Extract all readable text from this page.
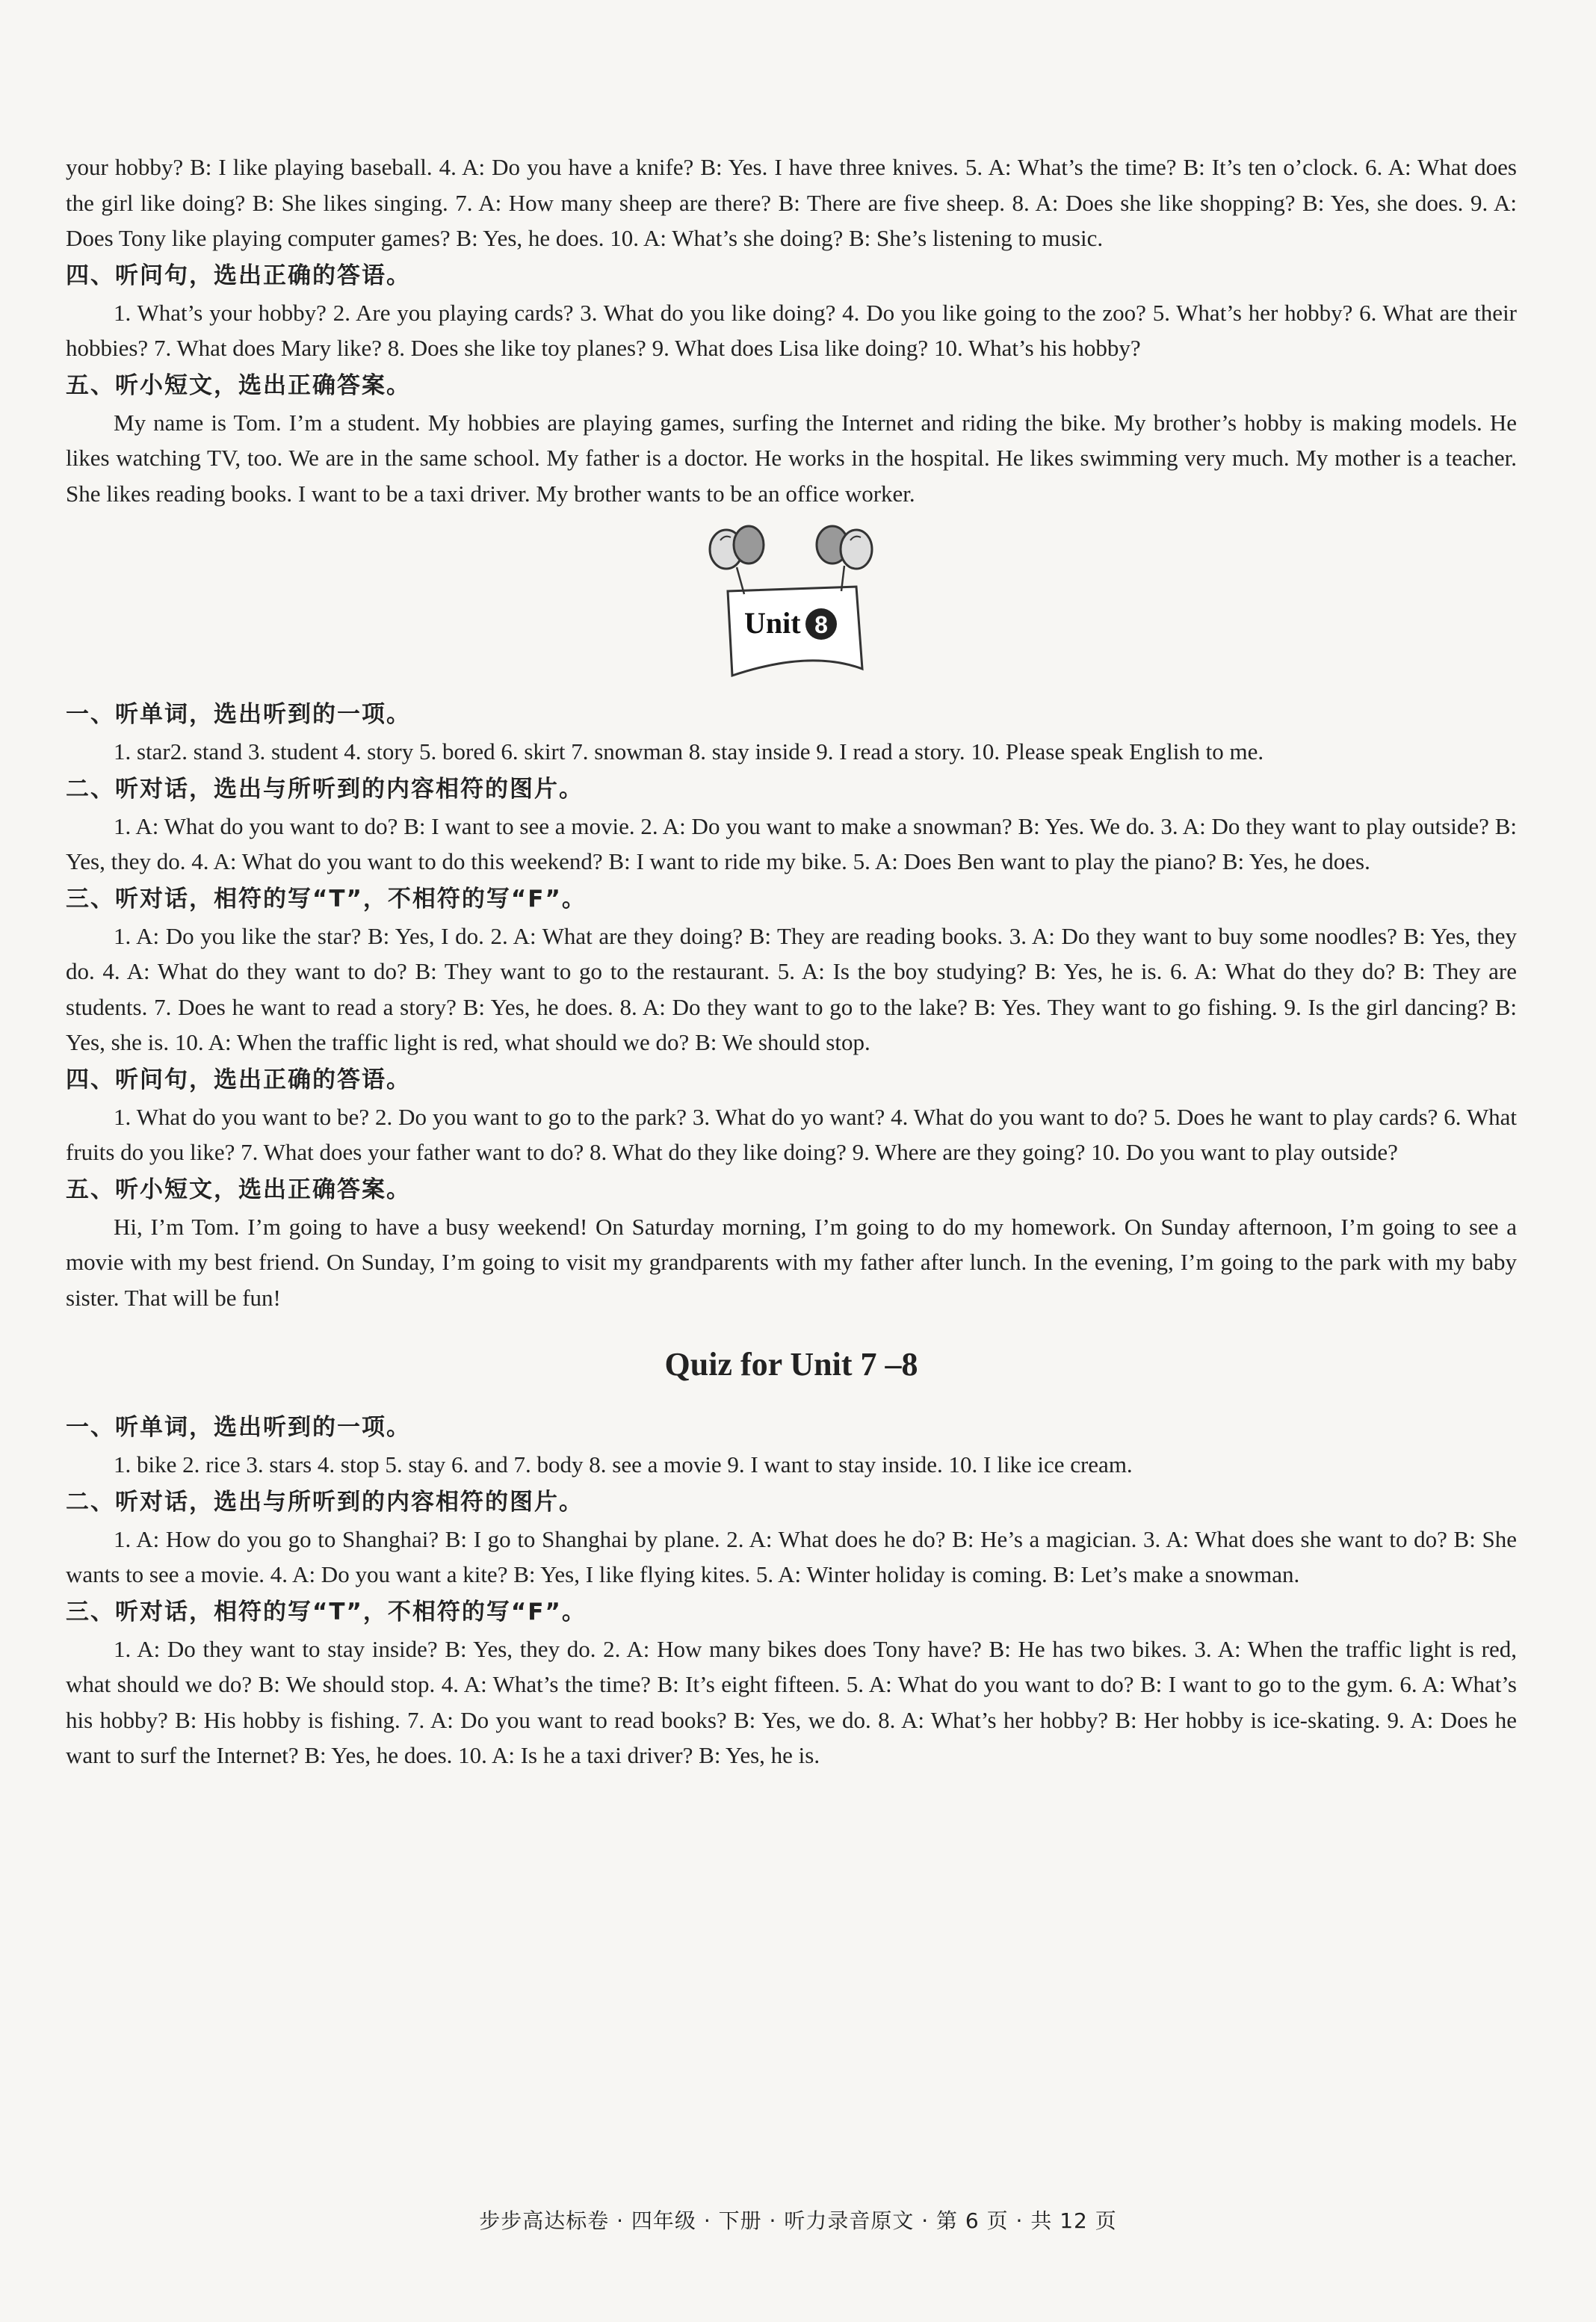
your hobby? B: I like playing baseball. 4. A: Do you have a knife? B: Yes. I have three knives. 5. A: What’s the time? B: It’s ten o’clock. 6. A: What does the girl like doing? B: She likes singing. 7. A: How many sheep are there? B: There are five sheep. 8. A: Does she like shopping? B: Yes, she does. 9. A: Does Tony like playing computer games? B: Yes, he does. 10. A: What’s she doing? B: She’s listening to music.

四、听问句，选出正确的答语。

1. What’s your hobby? 2. Are you playing cards? 3. What do you like doing? 4. Do you like going to the zoo? 5. What’s her hobby? 6. What are their hobbies? 7. What does Mary like? 8. Does she like toy planes? 9. What does Lisa like doing? 10. What’s his hobby?

五、听小短文，选出正确答案。

My name is Tom. I’m a student. My hobbies are playing games, surfing the Internet and riding the bike. My brother’s hobby is making models. He likes watching TV, too. We are in the same school. My father is a doctor. He works in the hospital. He likes swimming very much. My mother is a teacher. She likes reading books. I want to be a taxi driver. My brother wants to be an office worker.

Unit 8

一、听单词，选出听到的一项。

1. star2. stand 3. student 4. story 5. bored 6. skirt 7. snowman 8. stay inside 9. I read a story. 10. Please speak English to me.

二、听对话，选出与所听到的内容相符的图片。

1. A: What do you want to do? B: I want to see a movie. 2. A: Do you want to make a snowman? B: Yes. We do. 3. A: Do they want to play outside? B: Yes, they do. 4. A: What do you want to do this weekend? B: I want to ride my bike. 5. A: Does Ben want to play the piano? B: Yes, he does.

三、听对话，相符的写“T”，不相符的写“F”。

1. A: Do you like the star? B: Yes, I do. 2. A: What are they doing? B: They are reading books. 3. A: Do they want to buy some noodles? B: Yes, they do. 4. A: What do they want to do? B: They want to go to the restaurant. 5. A: Is the boy studying? B: Yes, he is. 6. A: What do they do? B: They are students. 7. Does he want to read a story? B: Yes, he does. 8. A: Do they want to go to the lake? B: Yes. They want to go fishing. 9. Is the girl dancing? B: Yes, she is. 10. A: When the traffic light is red, what should we do? B: We should stop.

四、听问句，选出正确的答语。

1. What do you want to be? 2. Do you want to go to the park? 3. What do yo want? 4. What do you want to do? 5. Does he want to play cards? 6. What fruits do you like? 7. What does your father want to do? 8. What do they like doing? 9. Where are they going? 10. Do you want to play outside?

五、听小短文，选出正确答案。

Hi, I’m Tom. I’m going to have a busy weekend! On Saturday morning, I’m going to do my homework. On Sunday afternoon, I’m going to see a movie with my best friend. On Sunday, I’m going to visit my grandparents with my father after lunch. In the evening, I’m going to the park with my baby sister. That will be fun!

Quiz for Unit 7 –8

一、听单词，选出听到的一项。

1. bike 2. rice 3. stars 4. stop 5. stay 6. and 7. body 8. see a movie 9. I want to stay inside. 10. I like ice cream.

二、听对话，选出与所听到的内容相符的图片。

1. A: How do you go to Shanghai? B: I go to Shanghai by plane. 2. A: What does he do? B: He’s a magician. 3. A: What does she want to do? B: She wants to see a movie. 4. A: Do you want a kite? B: Yes, I like flying kites. 5. A: Winter holiday is coming. B: Let’s make a snowman.

三、听对话，相符的写“T”，不相符的写“F”。

1. A: Do they want to stay inside? B: Yes, they do. 2. A: How many bikes does Tony have? B: He has two bikes. 3. A: When the traffic light is red, what should we do? B: We should stop. 4. A: What’s the time? B: It’s eight fifteen. 5. A: What do you want to do? B: I want to go to the gym. 6. A: What’s his hobby? B: His hobby is fishing. 7. A: Do you want to read books? B: Yes, we do. 8. A: What’s her hobby? B: Her hobby is ice-skating. 9. A: Does he want to surf the Internet? B: Yes, he does. 10. A: Is he a taxi driver? B: Yes, he is.

步步高达标卷 · 四年级 · 下册 · 听力录音原文 · 第 6 页 · 共 12 页
